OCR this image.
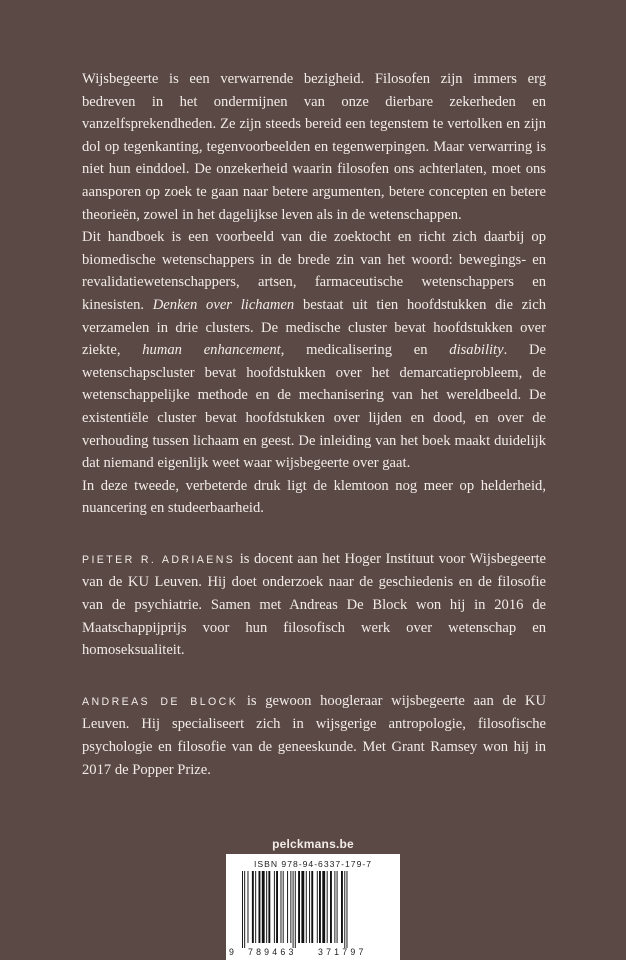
Wijsbegeerte is een verwarrende bezigheid. Filosofen zijn immers erg bedreven in het ondermijnen van onze dierbare zekerheden en vanzelfsprekendheden. Ze zijn steeds bereid een tegenstem te vertolken en zijn dol op tegenkanting, tegenvoorbeelden en tegenwerpingen. Maar verwarring is niet hun einddoel. De onzekerheid waarin filosofen ons achterlaten, moet ons aansporen op zoek te gaan naar betere argumenten, betere concepten en betere theorieën, zowel in het dagelijkse leven als in de wetenschappen.

Dit handboek is een voorbeeld van die zoektocht en richt zich daarbij op biomedische wetenschappers in de brede zin van het woord: bewegings- en revalidatiewetenschappers, artsen, farmaceutische wetenschappers en kinesisten. Denken over lichamen bestaat uit tien hoofdstukken die zich verzamelen in drie clusters. De medische cluster bevat hoofdstukken over ziekte, human enhancement, medicalisering en disability. De wetenschapscluster bevat hoofdstukken over het demarcatieprobleem, de wetenschappelijke methode en de mechanisering van het wereldbeeld. De existentiële cluster bevat hoofdstukken over lijden en dood, en over de verhouding tussen lichaam en geest. De inleiding van het boek maakt duidelijk dat niemand eigenlijk weet waar wijsbegeerte over gaat.

In deze tweede, verbeterde druk ligt de klemtoon nog meer op helderheid, nuancering en studeerbaarheid.

PIETER R. ADRIAENS is docent aan het Hoger Instituut voor Wijsbegeerte van de KU Leuven. Hij doet onderzoek naar de geschiedenis en de filosofie van de psychiatrie. Samen met Andreas De Block won hij in 2016 de Maatschappijprijs voor hun filosofisch werk over wetenschap en homoseksualiteit.

ANDREAS DE BLOCK is gewoon hoogleraar wijsbegeerte aan de KU Leuven. Hij specialiseert zich in wijsgerige antropologie, filosofische psychologie en filosofie van de geneeskunde. Met Grant Ramsey won hij in 2017 de Popper Prize.

pelckmans.be
ISBN 978-94-6337-179-7
9 789463 371797
